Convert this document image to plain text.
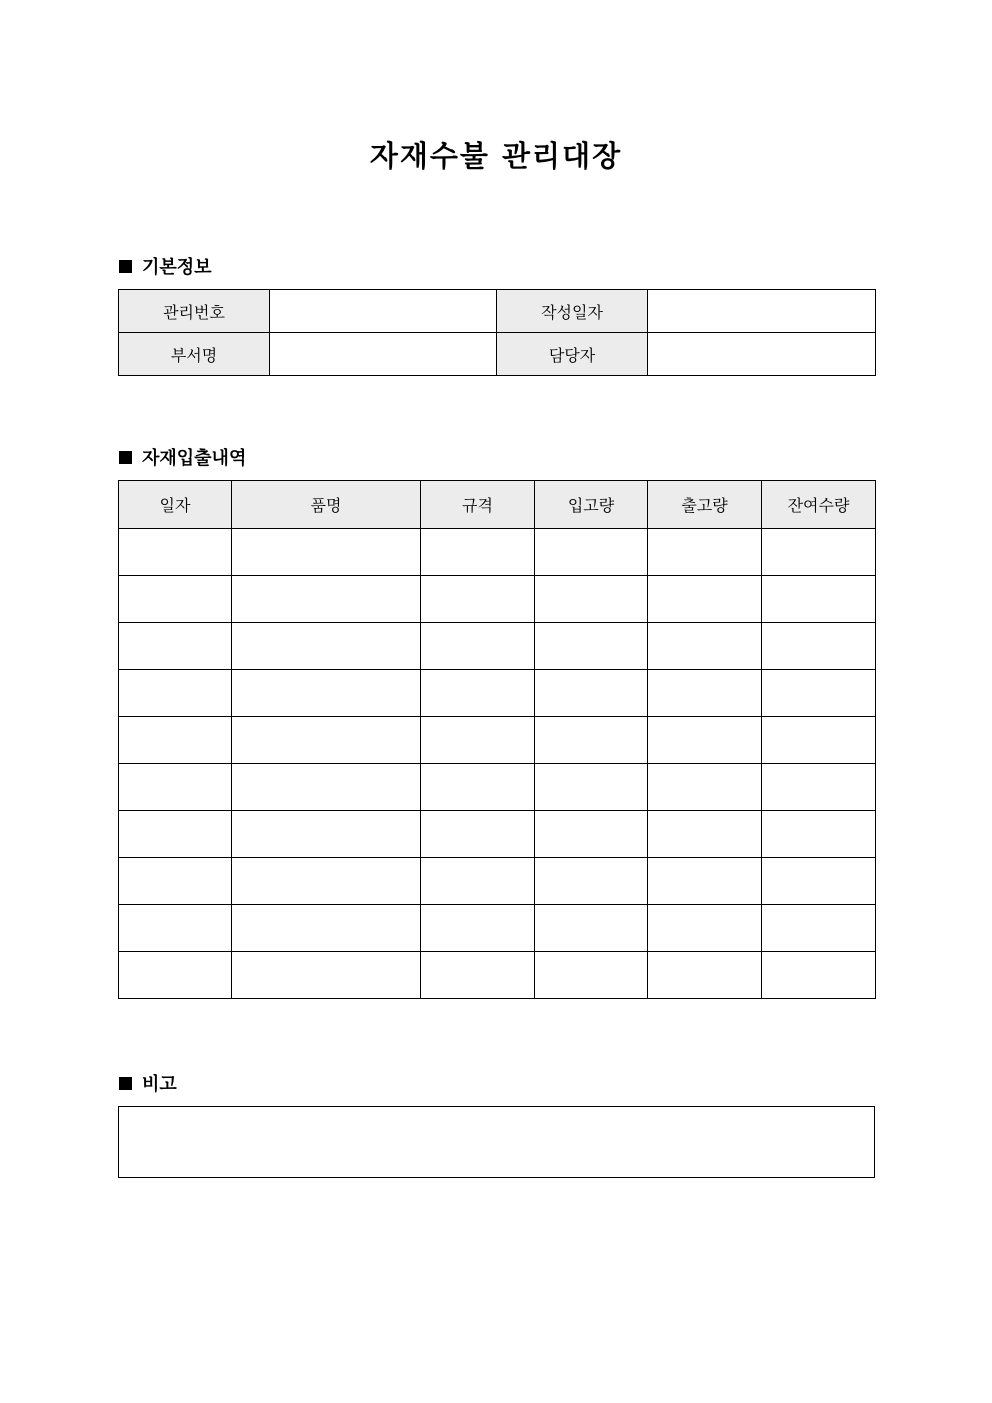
자재수불 관리대장
기본정보
관리번호		작성일자	
부서명		담당자	
자재입출내역
일자	품명	규격	입고량	출고량	잔여수량

비고
